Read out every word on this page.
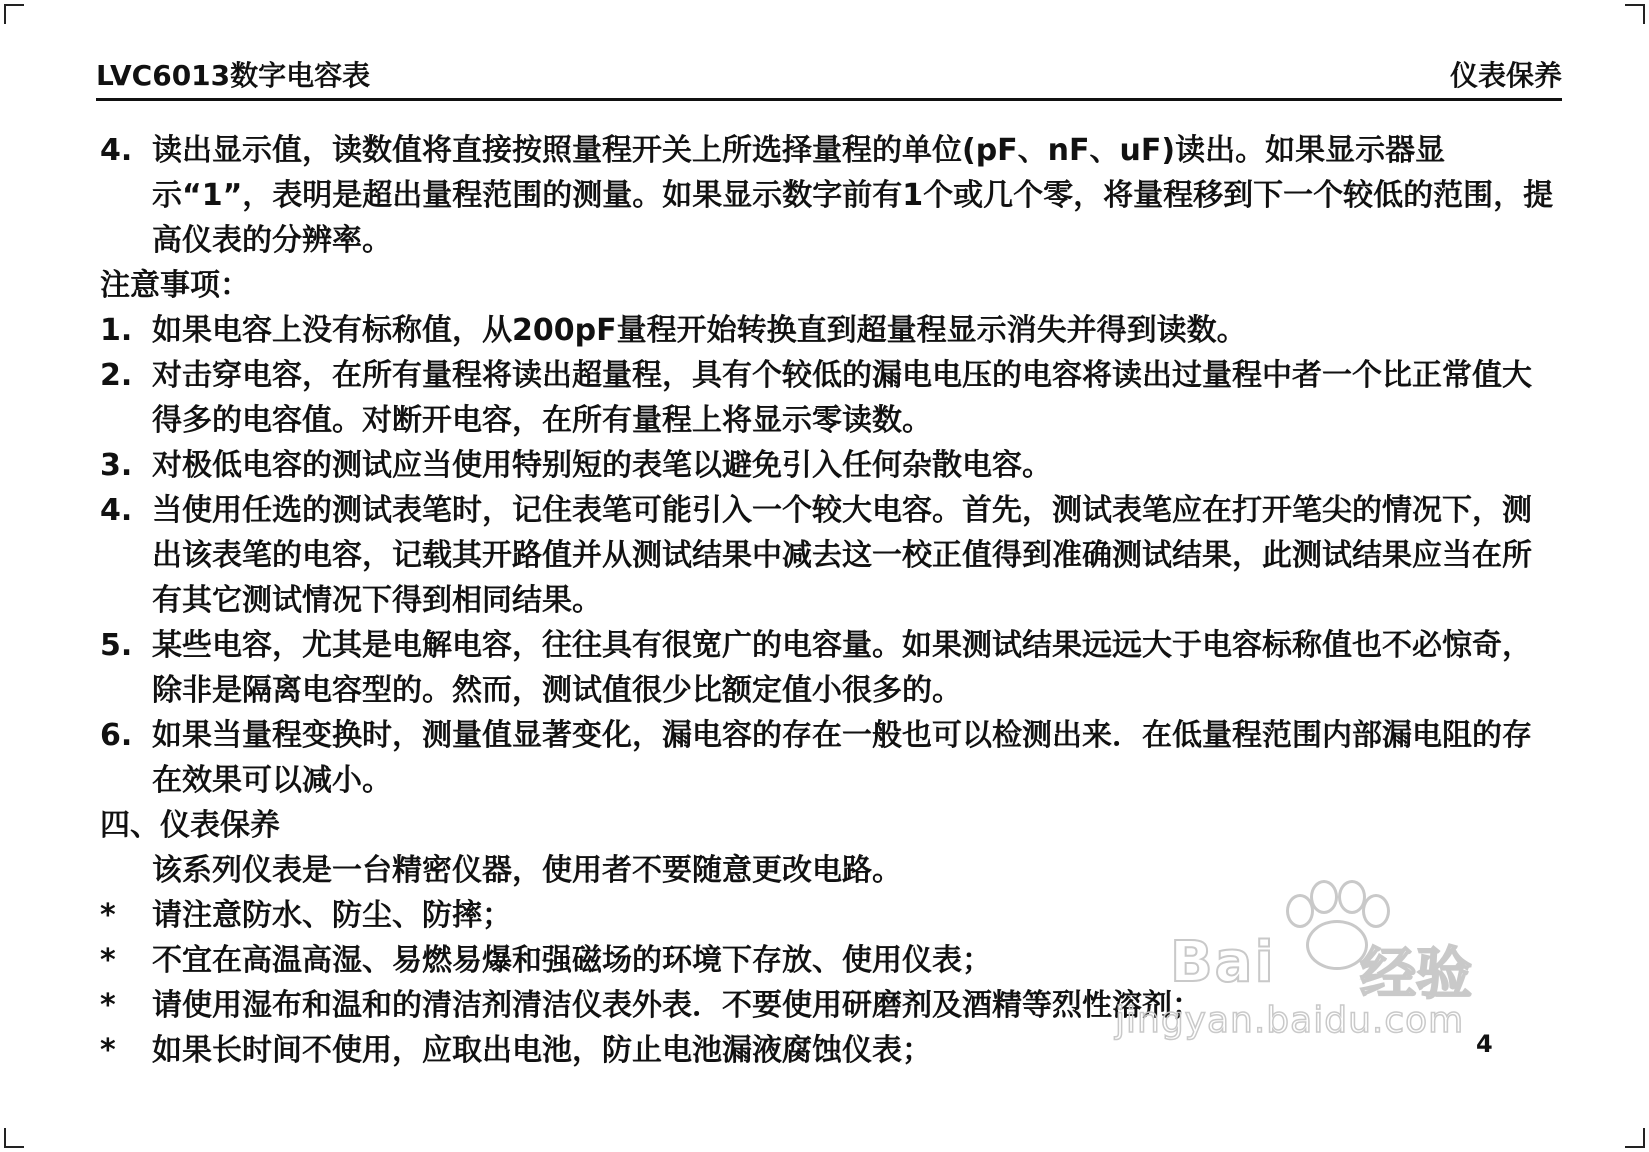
LVC6013数字电容表	仪表保养
4. 读出显示值，读数值将直接按照量程开关上所选择量程的单位(pF、nF、uF)读出。如果显示器显示“1”，表明是超出量程范围的测量。如果显示数字前有1个或几个零，将量程移到下一个较低的范围，提高仪表的分辨率。
注意事项：
1. 如果电容上没有标称值，从200pF量程开始转换直到超量程显示消失并得到读数。
2. 对击穿电容，在所有量程将读出超量程，具有个较低的漏电电压的电容将读出过量程中者一个比正常值大得多的电容值。对断开电容，在所有量程上将显示零读数。
3. 对极低电容的测试应当使用特别短的表笔以避免引入任何杂散电容。
4. 当使用任选的测试表笔时，记住表笔可能引入一个较大电容。首先，测试表笔应在打开笔尖的情况下，测出该表笔的电容，记载其开路值并从测试结果中减去这一校正值得到准确测试结果，此测试结果应当在所有其它测试情况下得到相同结果。
5. 某些电容，尤其是电解电容，往往具有很宽广的电容量。如果测试结果远远大于电容标称值也不必惊奇，除非是隔离电容型的。然而，测试值很少比额定值小很多的。
6. 如果当量程变换时，测量值显著变化，漏电容的存在一般也可以检测出来．在低量程范围内部漏电阻的存在效果可以减小。
四、仪表保养
该系列仪表是一台精密仪器，使用者不要随意更改电路。
*	请注意防水、防尘、防摔；
*	不宜在高温高湿、易燃易爆和强磁场的环境下存放、使用仪表；
*	请使用湿布和温和的清洁剂清洁仪表外表．不要使用研磨剂及酒精等烈性溶剂；
*	如果长时间不使用，应取出电池，防止电池漏液腐蚀仪表；
Bai 经验
jingyan.baidu.com
4
